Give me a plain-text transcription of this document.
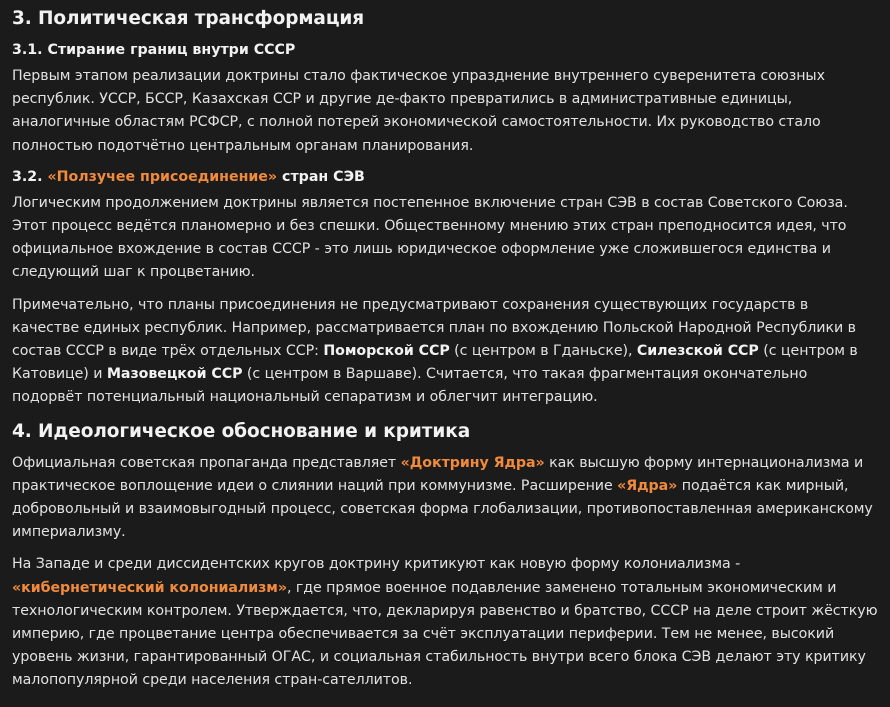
3. Политическая трансформация
3.1. Стирание границ внутри СССР

Первым этапом реализации доктрины стало фактическое упразднение внутреннего суверенитета союзных республик. УССР, БССР, Казахская ССР и другие де-факто превратились в административные единицы, аналогичные областям РСФСР, с полной потерей экономической самостоятельности. Их руководство стало полностью подотчётно центральным органам планирования.

3.2. «Ползучее присоединение» стран СЭВ

Логическим продолжением доктрины является постепенное включение стран СЭВ в состав Советского Союза. Этот процесс ведётся планомерно и без спешки. Общественному мнению этих стран преподносится идея, что официальное вхождение в состав СССР - это лишь юридическое оформление уже сложившегося единства и следующий шаг к процветанию.

Примечательно, что планы присоединения не предусматривают сохранения существующих государств в качестве единых республик. Например, рассматривается план по вхождению Польской Народной Республики в состав СССР в виде трёх отдельных ССР: Поморской ССР (с центром в Гданьске), Силезской ССР (с центром в Катовице) и Мазовецкой ССР (с центром в Варшаве). Считается, что такая фрагментация окончательно подорвёт потенциальный национальный сепаратизм и облегчит интеграцию.

4. Идеологическое обоснование и критика

Официальная советская пропаганда представляет «Доктрину Ядра» как высшую форму интернационализма и практическое воплощение идеи о слиянии наций при коммунизме. Расширение «Ядра» подаётся как мирный, добровольный и взаимовыгодный процесс, советская форма глобализации, противопоставленная американскому империализму.

На Западе и среди диссидентских кругов доктрину критикуют как новую форму колониализма - «кибернетический колониализм», где прямое военное подавление заменено тотальным экономическим и технологическим контролем. Утверждается, что, декларируя равенство и братство, СССР на деле строит жёсткую империю, где процветание центра обеспечивается за счёт эксплуатации периферии. Тем не менее, высокий уровень жизни, гарантированный ОГАС, и социальная стабильность внутри всего блока СЭВ делают эту критику малопопулярной среди населения стран-сателлитов.
